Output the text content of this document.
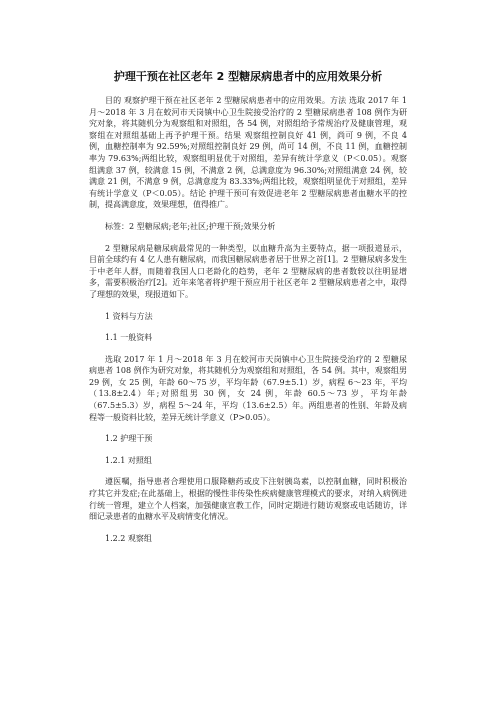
护理干预在社区老年 2 型糖尿病患者中的应用效果分析

目的 观察护理干预在社区老年 2 型糖尿病患者中的应用效果。方法 选取 2017 年 1 月～2018 年 3 月在蛟河市天岗镇中心卫生院接受治疗的 2 型糖尿病患者 108 例作为研究对象，将其随机分为观察组和对照组，各 54 例，对照组给予常规治疗及健康管理，观察组在对照组基础上再予护理干预。结果 观察组控制良好 41 例，尚可 9 例，不良 4 例，血糖控制率为 92.59%;对照组控制良好 29 例，尚可 14 例，不良 11 例，血糖控制率为 79.63%;两组比较，观察组明显优于对照组，差异有统计学意义（P＜0.05）。观察组满意 37 例，较满意 15 例，不满意 2 例，总满意度为 96.30%;对照组满意 24 例，较满意 21 例，不满意 9 例，总满意度为 83.33%;两组比较，观察组明显优于对照组，差异有统计学意义（P＜0.05）。结论 护理干预可有效促进老年 2 型糖尿病患者血糖水平的控制，提高满意度，效果理想，值得推广。

标签：2 型糖尿病;老年;社区;护理干预;效果分析

2 型糖尿病是糖尿病最常见的一种类型，以血糖升高为主要特点，据一项报道显示，目前全球约有 4 亿人患有糖尿病，而我国糖尿病患者居于世界之首[1]。2 型糖尿病多发生于中老年人群，而随着我国人口老龄化的趋势，老年 2 型糖尿病的患者数较以往明显增多，需要积极治疗[2]。近年来笔者将护理干预应用于社区老年 2 型糖尿病患者之中，取得了理想的效果，现报道如下。

1 资料与方法

1.1 一般资料

选取 2017 年 1 月～2018 年 3 月在蛟河市天岗镇中心卫生院接受治疗的 2 型糖尿病患者 108 例作为研究对象，将其随机分为观察组和对照组，各 54 例。其中，观察组男 29 例，女 25 例，年龄 60～75 岁，平均年龄（67.9±5.1）岁，病程 6～23 年，平均（13.8±2.4）年;对照组男 30 例，女 24 例，年龄 60.5～73 岁，平均年龄（67.5±5.3）岁，病程 5～24 年，平均（13.6±2.5）年。两组患者的性别、年龄及病程等一般资料比较，差异无统计学意义（P>0.05）。

1.2 护理干预

1.2.1 对照组

遵医嘱，指导患者合理使用口服降糖药或皮下注射胰岛素，以控制血糖，同时积极治疗其它并发症;在此基础上，根据的慢性非传染性疾病健康管理模式的要求，对纳入病例进行统一管理，建立个人档案，加强健康宣教工作，同时定期进行随访观察或电话随访，详细记录患者的血糖水平及病情变化情况。

1.2.2 观察组
